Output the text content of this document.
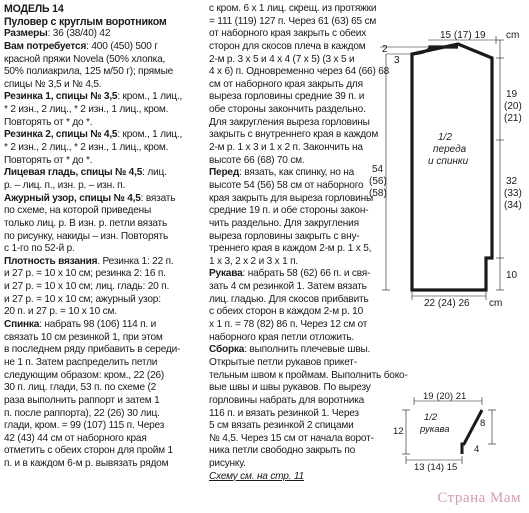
МОДЕЛЬ 14
Пуловер с круглым воротником
Размеры: 36 (38/40) 42
Вам потребуется: 400 (450) 500 г
красной пряжи Novela (50% хлопка,
50% полиакрила, 125 м/50 г); прямые
спицы № 3,5 и № 4,5.
Резинка 1, спицы № 3,5: кром., 1 лиц.,
* 2 изн., 2 лиц., * 2 изн., 1 лиц., кром.
Повторять от * до *.
Резинка 2, спицы № 4,5: кром., 1 лиц.,
* 2 изн., 2 лиц., * 2 изн., 1 лиц., кром.
Повторять от * до *.
Лицевая гладь, спицы № 4,5: лиц.
р. – лиц. п., изн. р. – изн. п.
Ажурный узор, спицы № 4,5: вязать
по схеме, на которой приведены
только лиц. р. В изн. р. петли вязать
по рисунку, накиды – изн. Повторять
с 1-го по 52-й р.
Плотность вязания. Резинка 1: 22 п.
и 27 р. = 10 х 10 см; резинка 2: 16 п.
и 27 р. = 10 х 10 см; лиц. гладь: 20 п.
и 27 р. = 10 х 10 см; ажурный узор:
20 п. и 27 р. = 10 х 10 см.
Спинка: набрать 98 (106) 114 п. и
связать 10 см резинкой 1, при этом
в последнем ряду прибавить в середи-
не 1 п. Затем распределить петли
следующим образом: кром., 22 (26)
30 п. лиц. глади, 53 п. по схеме (2
раза выполнить раппорт и затем 1
п. после раппорта), 22 (26) 30 лиц.
глади, кром. = 99 (107) 115 п. Через
42 (43) 44 см от наборного края
отметить с обеих сторон для пройм 1
п. и в каждом 6-м р. вывязать рядом
с кром. 6 х 1 лиц. скрещ. из протяжки
= 111 (119) 127 п. Через 61 (63) 65 см
от наборного края закрыть с обеих
сторон для скосов плеча в каждом
2-м р. 3 х 5 и 4 х 4 (7 х 5) (3 х 5 и
4 х 6) п. Одновременно через 64 (66) 68
см от наборного края закрыть для
выреза горловины средние 39 п. и
обе стороны закончить раздельно.
Для закругления выреза горловины
закрыть с внутреннего края в каждом
2-м р. 1 х 3 и 1 х 2 п. Закончить на
высоте 66 (68) 70 см.
Перед: вязать, как спинку, но на
высоте 54 (56) 58 см от наборного
края закрыть для выреза горловины
средние 19 п. и обе стороны закон-
чить раздельно. Для закругления
выреза горловины закрыть с вну-
треннего края в каждом 2-м р. 1 х 5,
1 х 3, 2 х 2 и 3 х 1 п.
Рукава: набрать 58 (62) 66 п. и свя-
зать 4 см резинкой 1. Затем вязать
лиц. гладью. Для скосов прибавить
с обеих сторон в каждом 2-м р. 10
х 1 п. = 78 (82) 86 п. Через 12 см от
наборного края петли отложить.
Сборка: выполнить плечевые швы.
Открытые петли рукавов прикет-
тельным швом к проймам. Выполнить боко-
вые швы и швы рукавов. По вырезу
горловины набрать для воротника
116 п. и вязать резинкой 1. Через
5 см вязать резинкой 2 спицами
№ 4,5. Через 15 см от начала ворот-
ника петли свободно закрыть по
рисунку.
Схему см. на стр. 11
2
15 (17) 19 cm
3
54
(56)
(58)
19
(20)
(21)
32
(33)
(34)
10
22 (24) 26 cm
1/2
переда
и спинки
19 (20) 21
8
12
4
13 (14) 15
1/2
рукава
Страна Мам
